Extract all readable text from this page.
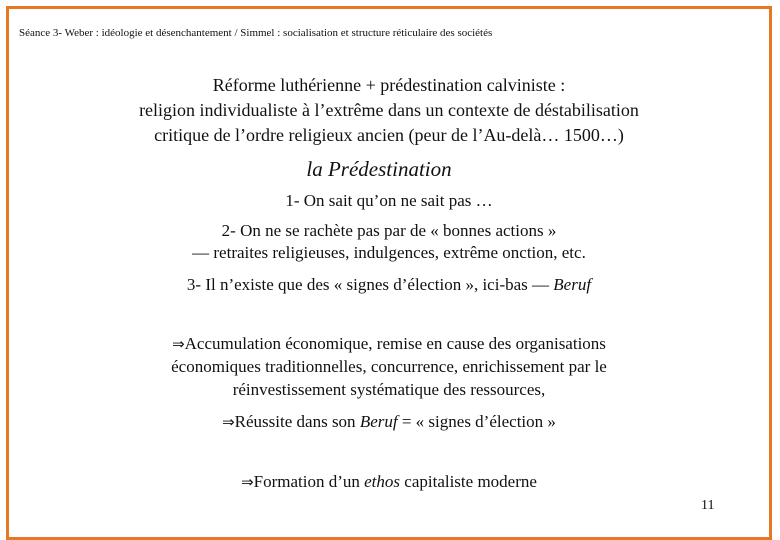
Séance 3- Weber : idéologie et désenchantement / Simmel : socialisation et structure réticulaire des sociétés
Réforme luthérienne + prédestination calviniste :
religion individualiste à l’extrême dans un contexte de déstabilisation
critique de l’ordre religieux ancien (peur de l’Au-delà… 1500…)
la Prédestination
1- On sait qu’on ne sait pas …
2- On ne se rachète pas par de « bonnes actions »
— retraites religieuses, indulgences, extrême onction, etc.
3- Il n’existe que des « signes d’élection », ici-bas — Beruf
⇒Accumulation économique, remise en cause des organisations
économiques traditionnelles, concurrence, enrichissement par le
réinvestissement systématique des ressources,
⇒Réussite dans son Beruf = « signes d’élection »
⇒Formation d’un ethos capitaliste moderne
11
